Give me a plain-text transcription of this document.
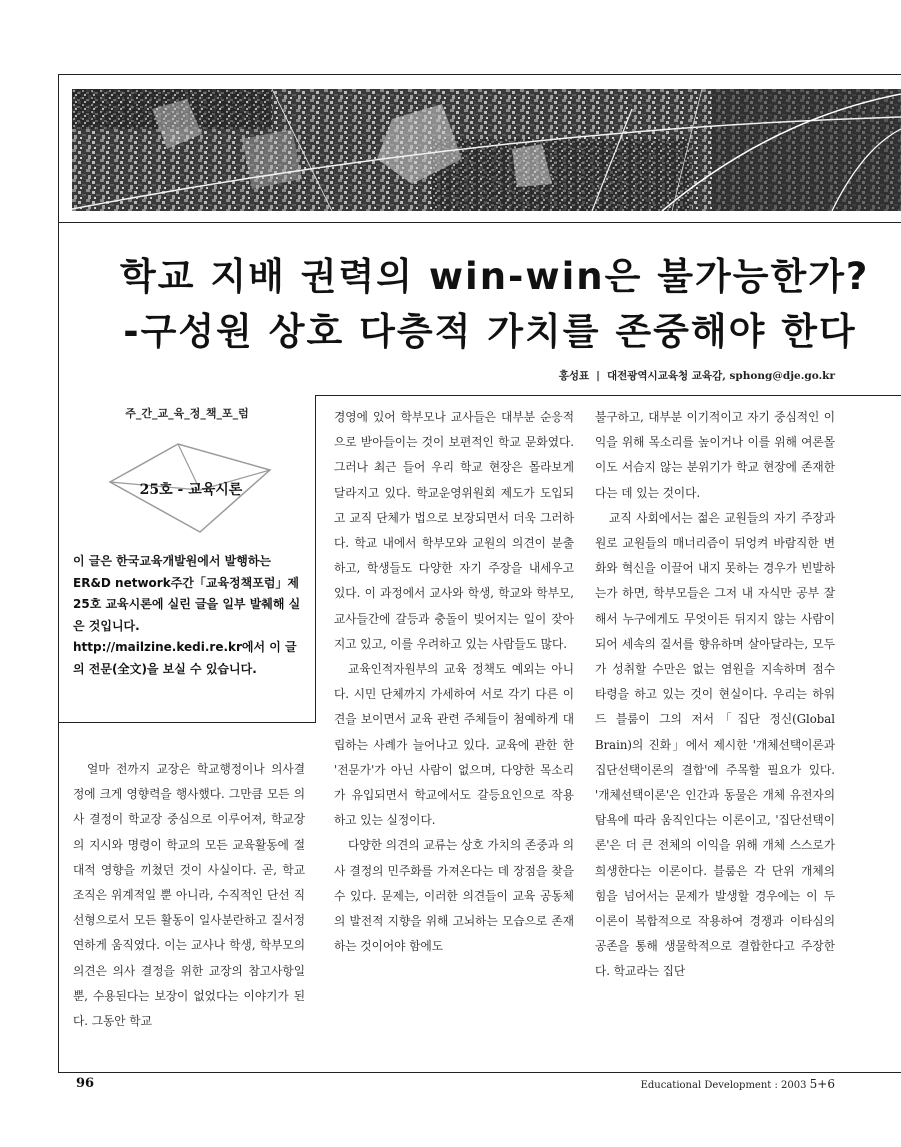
학교 지배 권력의 win-win은 불가능한가?
-구성원 상호 다층적 가치를 존중해야 한다
홍성표 | 대전광역시교육청 교육감, sphong@dje.go.kr
주_간_교_육_정_책_포_럼
25호 - 교육시론

이 글은 한국교육개발원에서 발행하는 ER&D network주간「교육정책포럼」제25호 교육시론에 실린 글을 일부 발췌해 실은 것입니다. http://mailzine.kedi.re.kr에서 이 글의 전문(全文)을 보실 수 있습니다.

얼마 전까지 교장은 학교행정이나 의사결정에 크게 영향력을 행사했다. 그만큼 모든 의사 결정이 학교장 중심으로 이루어져, 학교장의 지시와 명령이 학교의 모든 교육활동에 절대적 영향을 끼쳤던 것이 사실이다. 곧, 학교 조직은 위계적일 뿐 아니라, 수직적인 단선 직선형으로서 모든 활동이 일사분란하고 질서정연하게 움직였다. 이는 교사나 학생, 학부모의 의견은 의사 결정을 위한 교장의 참고사항일 뿐, 수용된다는 보장이 없었다는 이야기가 된다. 그동안 학교

경영에 있어 학부모나 교사들은 대부분 순응적으로 받아들이는 것이 보편적인 학교 문화였다. 그러나 최근 들어 우리 학교 현장은 몰라보게 달라지고 있다. 학교운영위원회 제도가 도입되고 교직 단체가 법으로 보장되면서 더욱 그러하다. 학교 내에서 학부모와 교원의 의견이 분출하고, 학생들도 다양한 자기 주장을 내세우고 있다. 이 과정에서 교사와 학생, 학교와 학부모, 교사들간에 갈등과 충돌이 빚어지는 일이 잦아지고 있고, 이를 우려하고 있는 사람들도 많다.

교육인적자원부의 교육 정책도 예외는 아니다. 시민 단체까지 가세하여 서로 각기 다른 이견을 보이면서 교육 관련 주체들이 첨예하게 대립하는 사례가 늘어나고 있다. 교육에 관한 한 '전문가'가 아닌 사람이 없으며, 다양한 목소리가 유입되면서 학교에서도 갈등요인으로 작용하고 있는 실정이다.

다양한 의견의 교류는 상호 가치의 존중과 의사 결정의 민주화를 가져온다는 데 장점을 찾을 수 있다. 문제는, 이러한 의견들이 교육 공동체의 발전적 지향을 위해 고뇌하는 모습으로 존재하는 것이어야 함에도

불구하고, 대부분 이기적이고 자기 중심적인 이익을 위해 목소리를 높이거나 이를 위해 여론몰이도 서슴지 않는 분위기가 학교 현장에 존재한다는 데 있는 것이다.

교직 사회에서는 젊은 교원들의 자기 주장과 원로 교원들의 매너리즘이 뒤엉켜 바람직한 변화와 혁신을 이끌어 내지 못하는 경우가 빈발하는가 하면, 학부모들은 그저 내 자식만 공부 잘해서 누구에게도 무엇이든 뒤지지 않는 사람이 되어 세속의 질서를 향유하며 살아달라는, 모두가 성취할 수만은 없는 염원을 지속하며 점수 타령을 하고 있는 것이 현실이다. 우리는 하워드 블룸이 그의 저서「집단 정신(Global Brain)의 진화」에서 제시한 '개체선택이론과 집단선택이론의 결합'에 주목할 필요가 있다. '개체선택이론'은 인간과 동물은 개체 유전자의 탐욕에 따라 움직인다는 이론이고, '집단선택이론'은 더 큰 전체의 이익을 위해 개체 스스로가 희생한다는 이론이다. 블룸은 각 단위 개체의 힘을 넘어서는 문제가 발생할 경우에는 이 두 이론이 복합적으로 작용하여 경쟁과 이타심의 공존을 통해 생물학적으로 결합한다고 주장한다. 학교라는 집단

96	Educational Development : 2003 5+6
